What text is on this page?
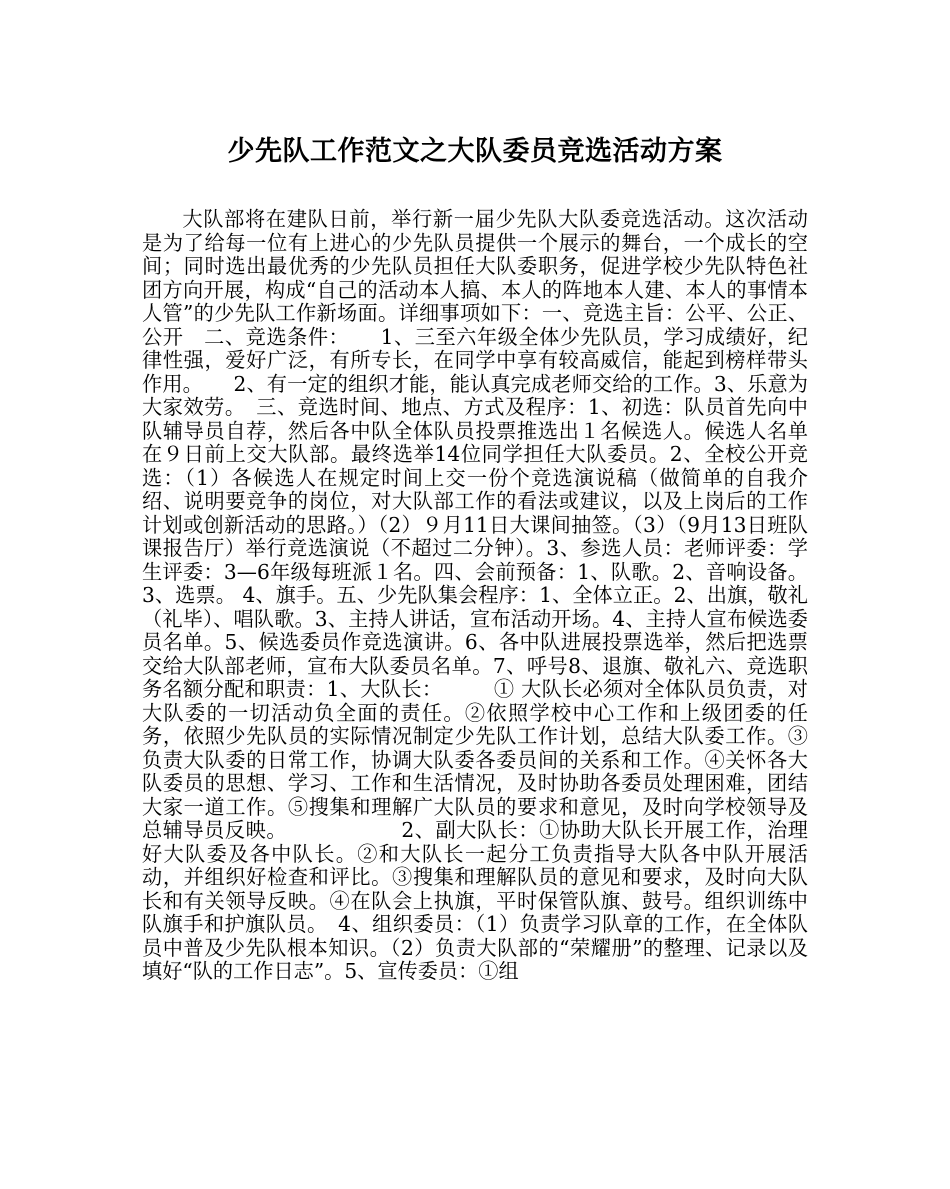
少先队工作范文之大队委员竞选活动方案

大队部将在建队日前，举行新一届少先队大队委竞选活动。这次活动是为了给每一位有上进心的少先队员提供一个展示的舞台，一个成长的空间；同时选出最优秀的少先队员担任大队委职务，促进学校少先队特色社团方向开展，构成“自己的活动本人搞、本人的阵地本人建、本人的事情本人管”的少先队工作新场面。详细事项如下：一、竞选主旨：公平、公正、公开　二、竞选条件：　　1、三至六年级全体少先队员，学习成绩好，纪律性强，爱好广泛，有所专长，在同学中享有较高威信，能起到榜样带头作用。　　2、有一定的组织才能，能认真完成老师交给的工作。3、乐意为大家效劳。　三、竞选时间、地点、方式及程序：1、初选：队员首先向中队辅导员自荐，然后各中队全体队员投票推选出１名候选人。候选人名单在９日前上交大队部。最终选举14位同学担任大队委员。2、全校公开竞选：（1）各候选人在规定时间上交一份个竞选演说稿（做简单的自我介绍、说明要竞争的岗位，对大队部工作的看法或建议，以及上岗后的工作计划或创新活动的思路。）（2）９月11日大课间抽签。（3）（9月13日班队课报告厅）举行竞选演说（不超过二分钟）。3、参选人员：老师评委：学生评委：3—6年级每班派１名。四、会前预备：1、队歌。2、音响设备。3、选票。 4、旗手。五、少先队集会程序：1、全体立正。2、出旗，敬礼（礼毕）、唱队歌。3、主持人讲话，宣布活动开场。4、主持人宣布候选委员名单。5、候选委员作竞选演讲。6、各中队进展投票选举，然后把选票交给大队部老师，宣布大队委员名单。7、呼号8、退旗、敬礼六、竞选职务名额分配和职责：1、大队长：　　　① 大队长必须对全体队员负责，对大队委的一切活动负全面的责任。②依照学校中心工作和上级团委的任务，依照少先队员的实际情况制定少先队工作计划，总结大队委工作。③负责大队委的日常工作，协调大队委各委员间的关系和工作。④关怀各大队委员的思想、学习、工作和生活情况，及时协助各委员处理困难，团结大家一道工作。⑤搜集和理解广大队员的要求和意见，及时向学校领导及总辅导员反映。　　　　　　2、副大队长：①协助大队长开展工作，治理好大队委及各中队长。②和大队长一起分工负责指导大队各中队开展活动，并组织好检查和评比。③搜集和理解队员的意见和要求，及时向大队长和有关领导反映。④在队会上执旗，平时保管队旗、鼓号。组织训练中队旗手和护旗队员。　4、组织委员：（1）负责学习队章的工作，在全体队员中普及少先队根本知识。（2）负责大队部的“荣耀册”的整理、记录以及填好“队的工作日志”。5、宣传委员：①组
